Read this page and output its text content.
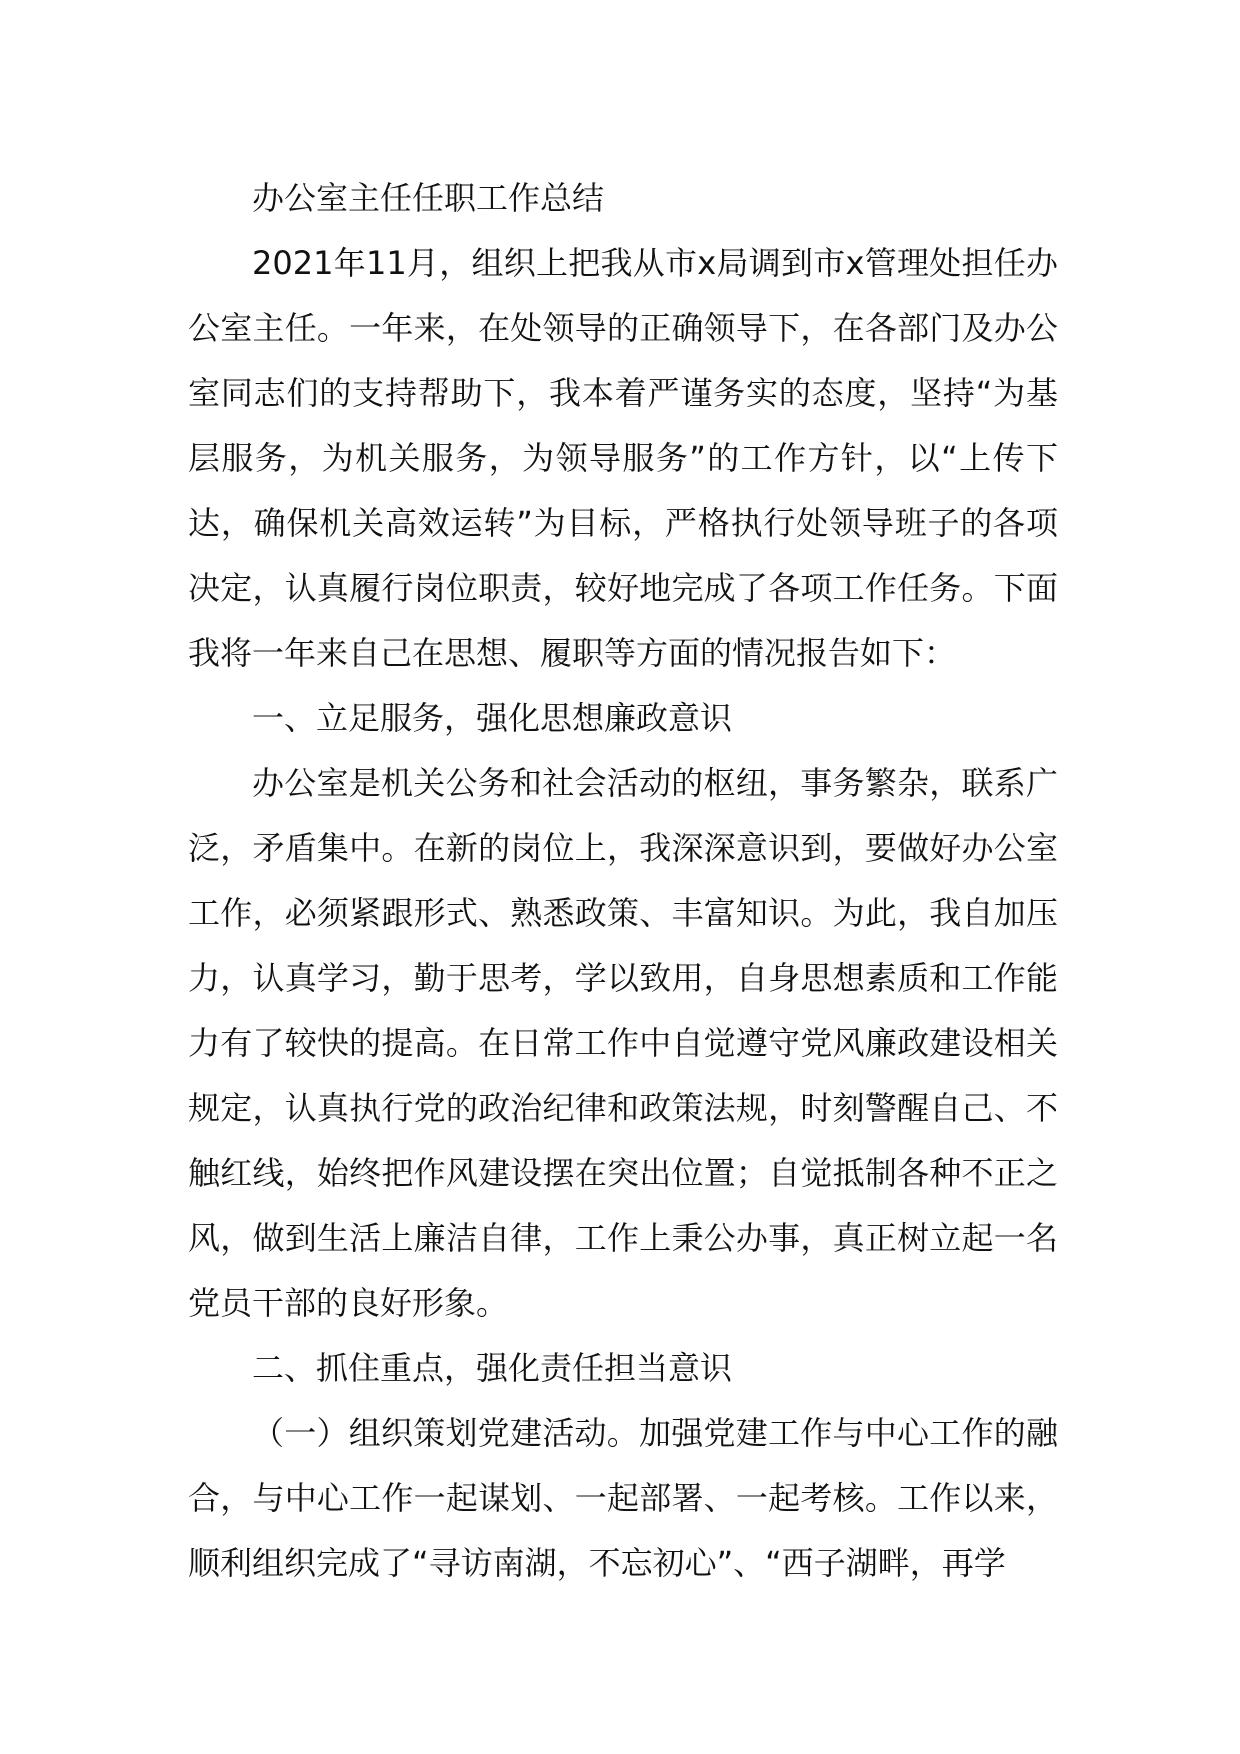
办公室主任任职工作总结

2021年11月，组织上把我从市x局调到市x管理处担任办公室主任。一年来，在处领导的正确领导下，在各部门及办公室同志们的支持帮助下，我本着严谨务实的态度，坚持“为基层服务，为机关服务，为领导服务”的工作方针，以“上传下达，确保机关高效运转”为目标，严格执行处领导班子的各项决定，认真履行岗位职责，较好地完成了各项工作任务。下面我将一年来自己在思想、履职等方面的情况报告如下：

一、立足服务，强化思想廉政意识

办公室是机关公务和社会活动的枢纽，事务繁杂，联系广泛，矛盾集中。在新的岗位上，我深深意识到，要做好办公室工作，必须紧跟形式、熟悉政策、丰富知识。为此，我自加压力，认真学习，勤于思考，学以致用，自身思想素质和工作能力有了较快的提高。在日常工作中自觉遵守党风廉政建设相关规定，认真执行党的政治纪律和政策法规，时刻警醒自己、不触红线，始终把作风建设摆在突出位置；自觉抵制各种不正之风，做到生活上廉洁自律，工作上秉公办事，真正树立起一名党员干部的良好形象。

二、抓住重点，强化责任担当意识

（一）组织策划党建活动。加强党建工作与中心工作的融合，与中心工作一起谋划、一起部署、一起考核。工作以来，顺利组织完成了“寻访南湖，不忘初心”、“西子湖畔，再学
